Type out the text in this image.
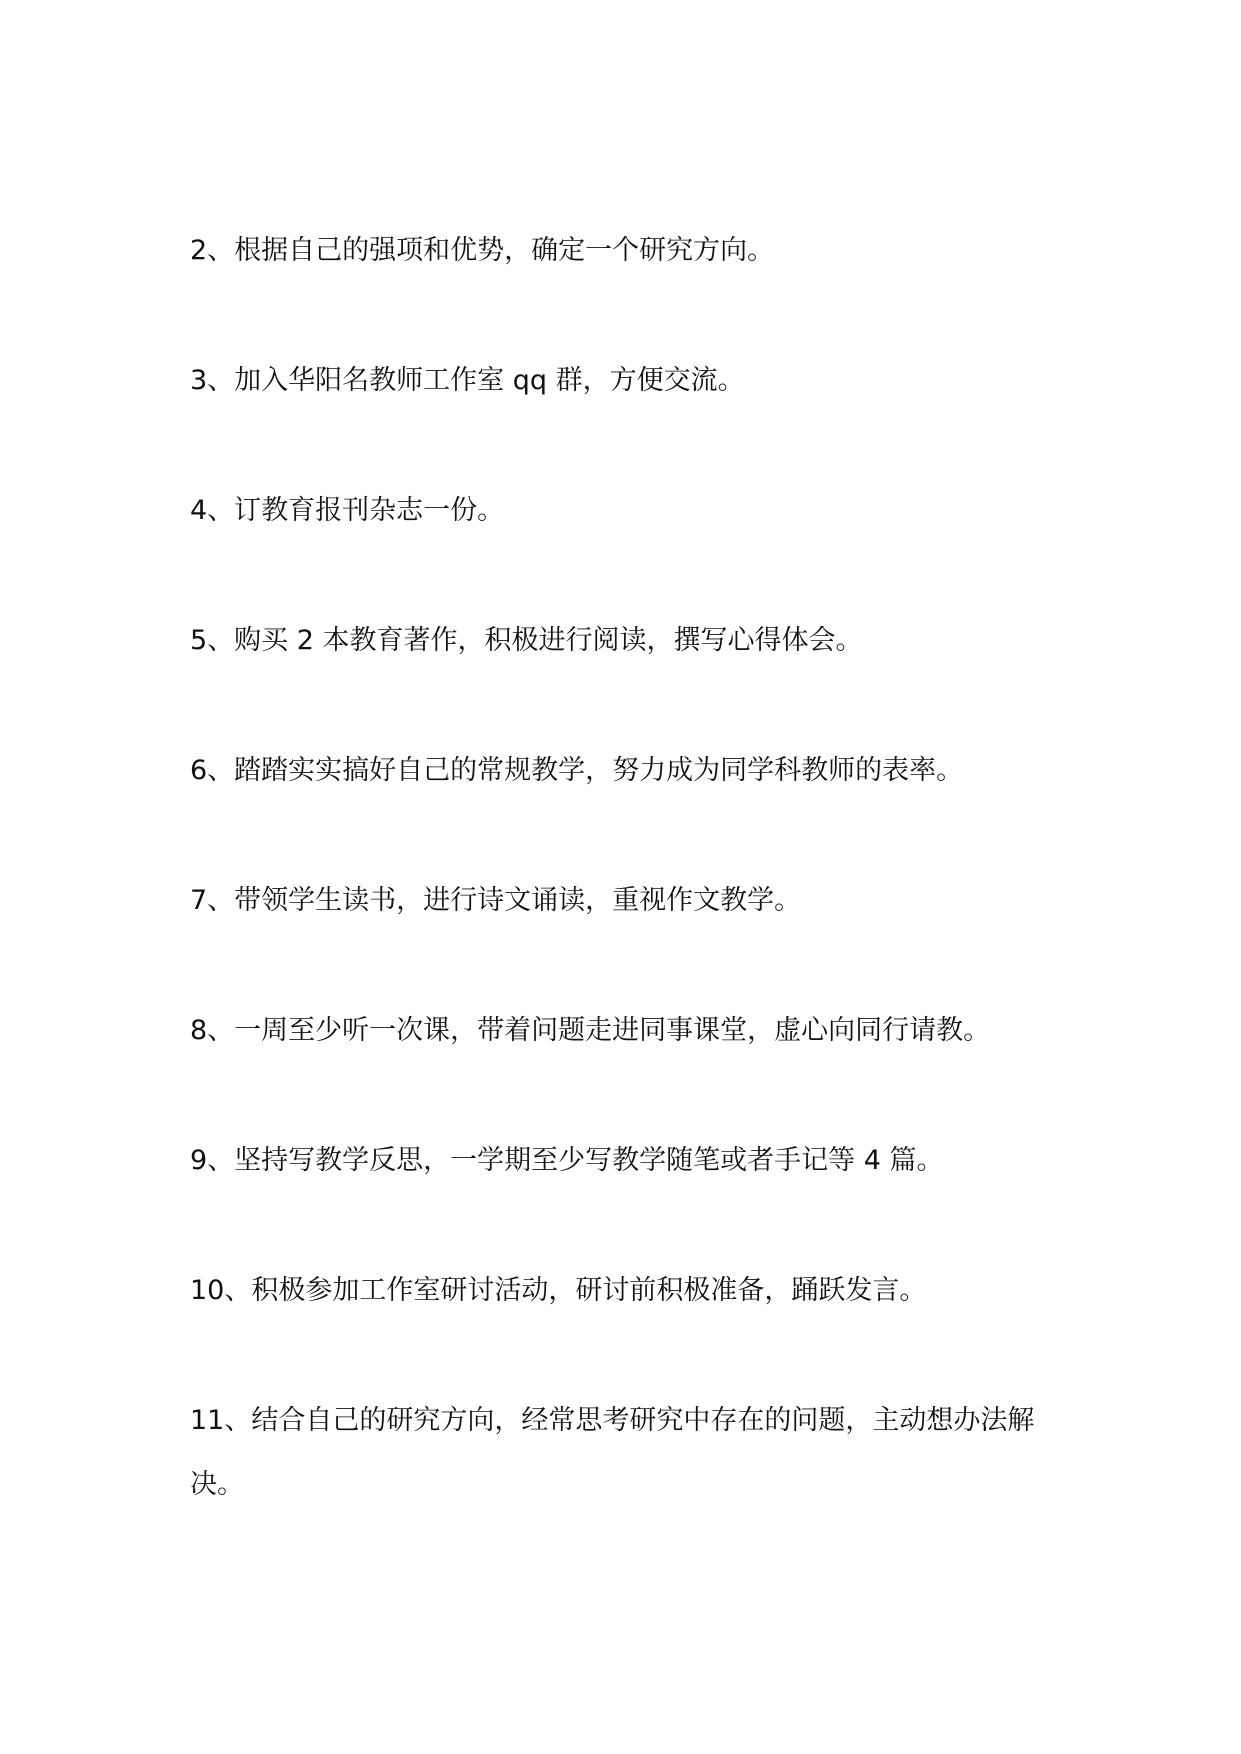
2、根据自己的强项和优势，确定一个研究方向。

3、加入华阳名教师工作室 qq 群，方便交流。

4、订教育报刊杂志一份。

5、购买 2 本教育著作，积极进行阅读，撰写心得体会。

6、踏踏实实搞好自己的常规教学，努力成为同学科教师的表率。

7、带领学生读书，进行诗文诵读，重视作文教学。

8、一周至少听一次课，带着问题走进同事课堂，虚心向同行请教。

9、坚持写教学反思，一学期至少写教学随笔或者手记等 4 篇。

10、积极参加工作室研讨活动，研讨前积极准备，踊跃发言。

11、结合自己的研究方向，经常思考研究中存在的问题，主动想办法解决。
